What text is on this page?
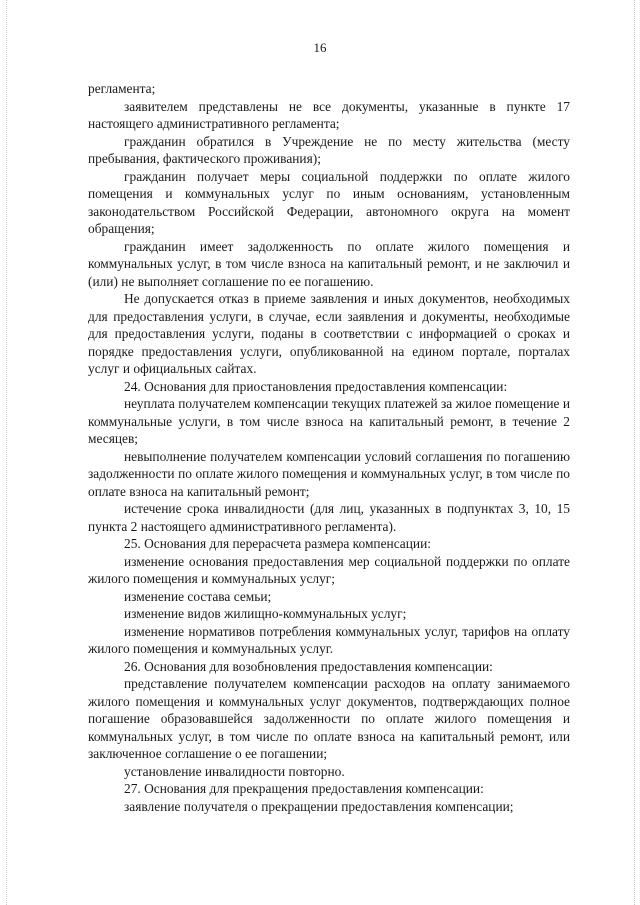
16

регламента;

заявителем представлены не все документы, указанные в пункте 17 настоящего административного регламента;

гражданин обратился в Учреждение не по месту жительства (месту пребывания, фактического проживания);

гражданин получает меры социальной поддержки по оплате жилого помещения и коммунальных услуг по иным основаниям, установленным законодательством Российской Федерации, автономного округа на момент обращения;

гражданин имеет задолженность по оплате жилого помещения и коммунальных услуг, в том числе взноса на капитальный ремонт, и не заключил и (или) не выполняет соглашение по ее погашению.

Не допускается отказ в приеме заявления и иных документов, необходимых для предоставления услуги, в случае, если заявления и документы, необходимые для предоставления услуги, поданы в соответствии с информацией о сроках и порядке предоставления услуги, опубликованной на едином портале, порталах услуг и официальных сайтах.

24. Основания для приостановления предоставления компенсации:

неуплата получателем компенсации текущих платежей за жилое помещение и коммунальные услуги, в том числе взноса на капитальный ремонт, в течение 2 месяцев;

невыполнение получателем компенсации условий соглашения по погашению задолженности по оплате жилого помещения и коммунальных услуг, в том числе по оплате взноса на капитальный ремонт;

истечение срока инвалидности (для лиц, указанных в подпунктах 3, 10, 15 пункта 2 настоящего административного регламента).

25. Основания для перерасчета размера компенсации:

изменение основания предоставления мер социальной поддержки по оплате жилого помещения и коммунальных услуг;

изменение состава семьи;

изменение видов жилищно-коммунальных услуг;

изменение нормативов потребления коммунальных услуг, тарифов на оплату жилого помещения и коммунальных услуг.

26. Основания для возобновления предоставления компенсации:

представление получателем компенсации расходов на оплату занимаемого жилого помещения и коммунальных услуг документов, подтверждающих полное погашение образовавшейся задолженности по оплате жилого помещения и коммунальных услуг, в том числе по оплате взноса на капитальный ремонт, или заключенное соглашение о ее погашении;

установление инвалидности повторно.

27. Основания для прекращения предоставления компенсации:

заявление получателя о прекращении предоставления компенсации;
